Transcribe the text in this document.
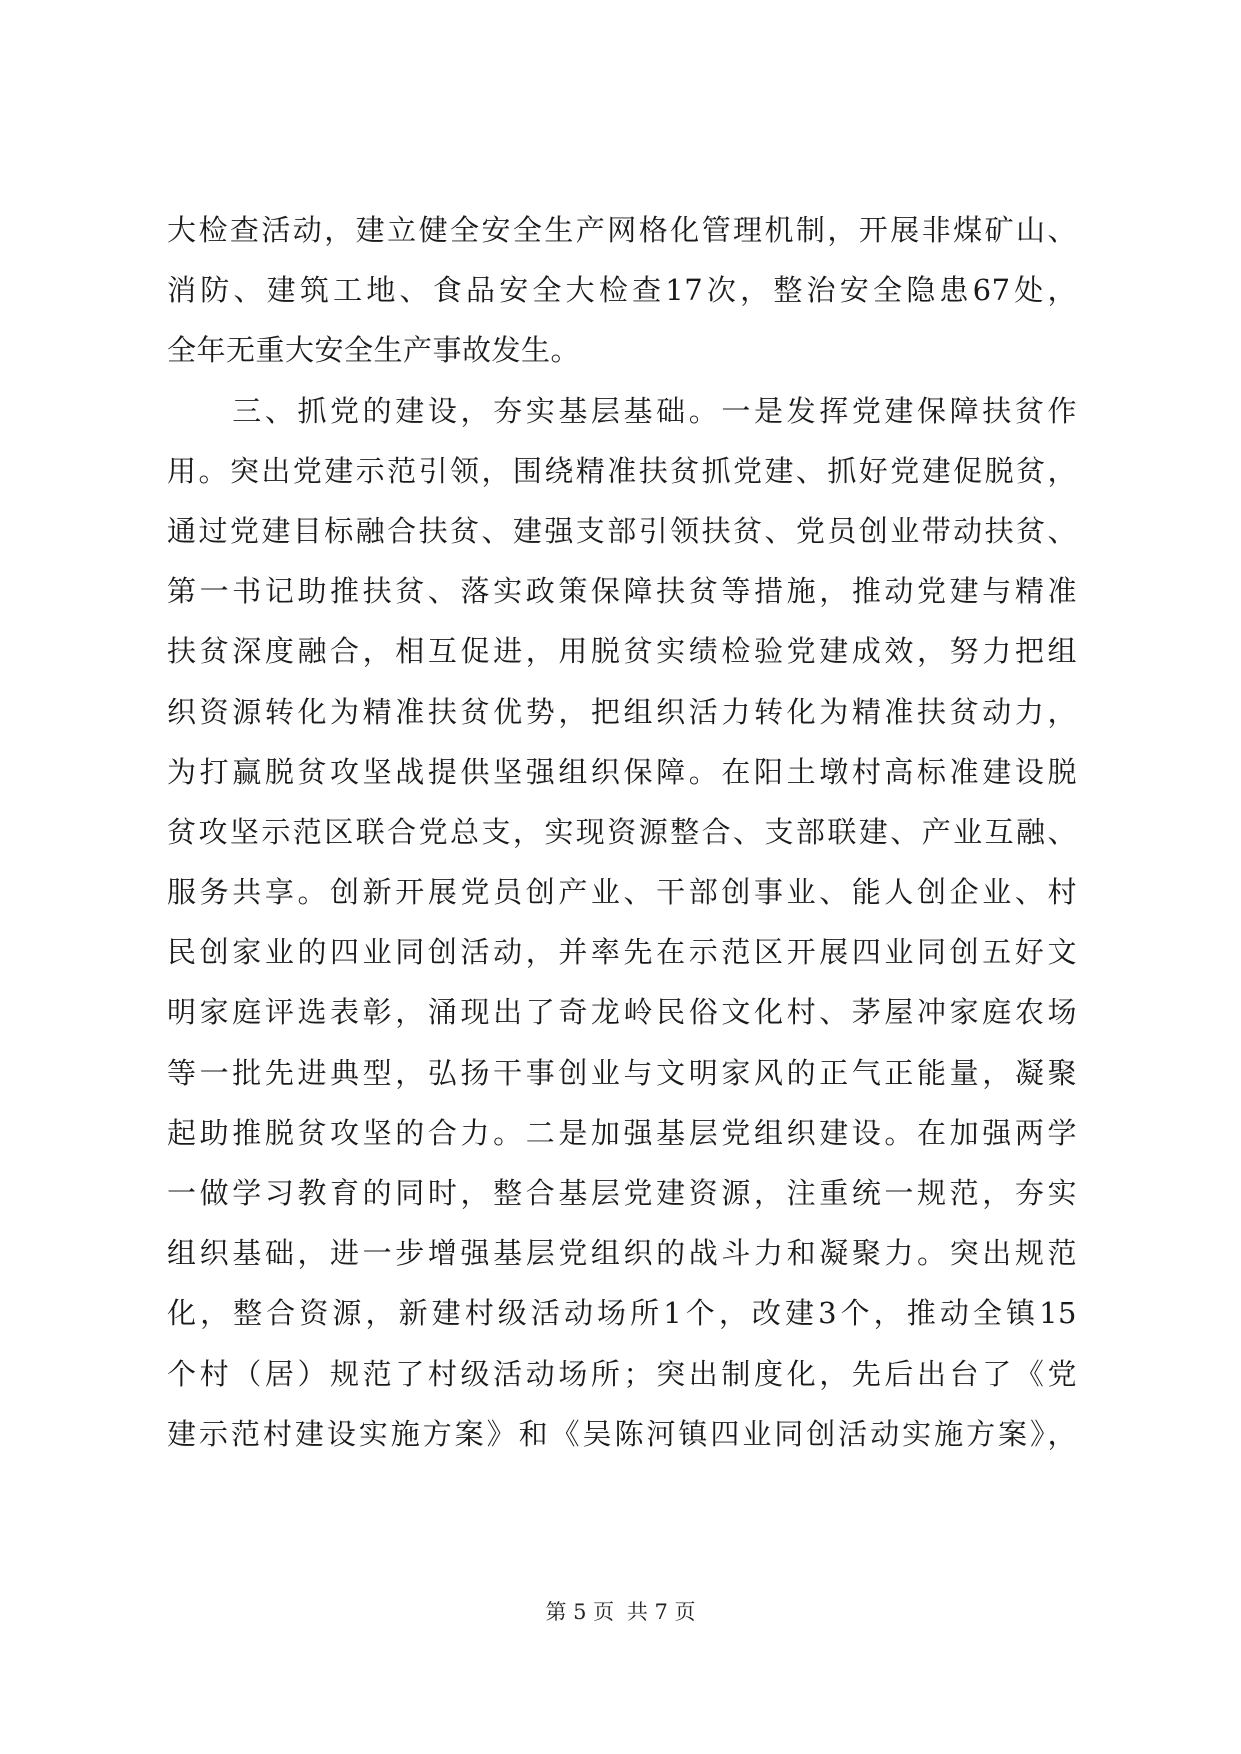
大检查活动，建立健全安全生产网格化管理机制，开展非煤矿山、
消防、建筑工地、食品安全大检查17次，整治安全隐患67处，
全年无重大安全生产事故发生。
　　三、抓党的建设，夯实基层基础。一是发挥党建保障扶贫作
用。突出党建示范引领，围绕精准扶贫抓党建、抓好党建促脱贫，
通过党建目标融合扶贫、建强支部引领扶贫、党员创业带动扶贫、
第一书记助推扶贫、落实政策保障扶贫等措施，推动党建与精准
扶贫深度融合，相互促进，用脱贫实绩检验党建成效，努力把组
织资源转化为精准扶贫优势，把组织活力转化为精准扶贫动力，
为打赢脱贫攻坚战提供坚强组织保障。在阳土墩村高标准建设脱
贫攻坚示范区联合党总支，实现资源整合、支部联建、产业互融、
服务共享。创新开展党员创产业、干部创事业、能人创企业、村
民创家业的四业同创活动，并率先在示范区开展四业同创五好文
明家庭评选表彰，涌现出了奇龙岭民俗文化村、茅屋冲家庭农场
等一批先进典型，弘扬干事创业与文明家风的正气正能量，凝聚
起助推脱贫攻坚的合力。二是加强基层党组织建设。在加强两学
一做学习教育的同时，整合基层党建资源，注重统一规范，夯实
组织基础，进一步增强基层党组织的战斗力和凝聚力。突出规范
化，整合资源，新建村级活动场所1个，改建3个，推动全镇15
个村（居）规范了村级活动场所；突出制度化，先后出台了《党
建示范村建设实施方案》和《吴陈河镇四业同创活动实施方案》，
第 5 页 共 7 页
